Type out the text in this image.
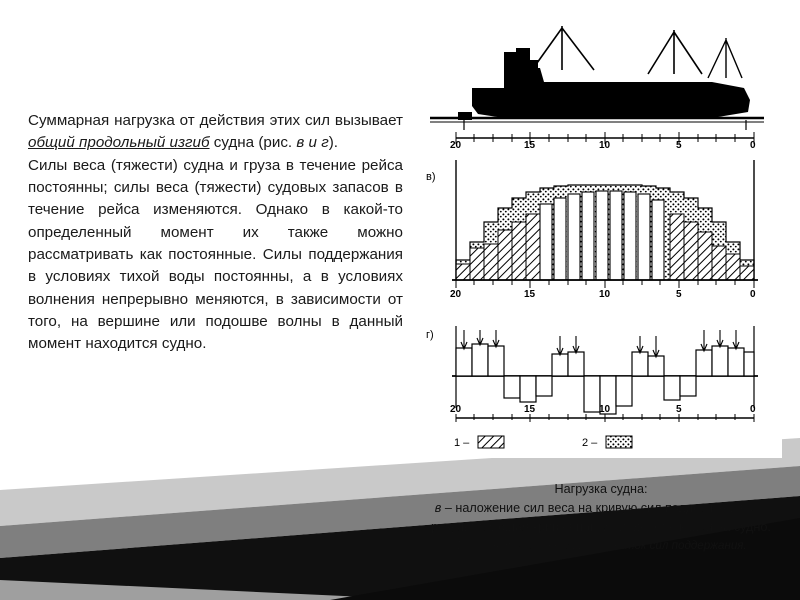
Суммарная нагрузка от действия этих сил вызывает общий продольный изгиб судна (рис. в и г).

Силы веса (тяжести) судна и груза в течение рейса постоянны; силы веса (тяжести) судовых запасов в течение рейса изменяются. Однако в какой-то определенный момент их также можно рассматривать как постоянные. Силы поддержания в условиях тихой воды постоянны, а в условиях волнения непрерывно меняются, в зависимости от того, на вершине или подошве волны в данный момент находится судно.

20	15	10	5	0
в)
20	15	10	5	0
г)
20	15	10	5	0
1 –	2 –
Нагрузка судна:
в – наложение сил веса на кривую сил поддержания; г – результирующая кривая нагрузки, действующей на судно.
1 – избыток сил веса; 2 – избыток сил поддержания.
